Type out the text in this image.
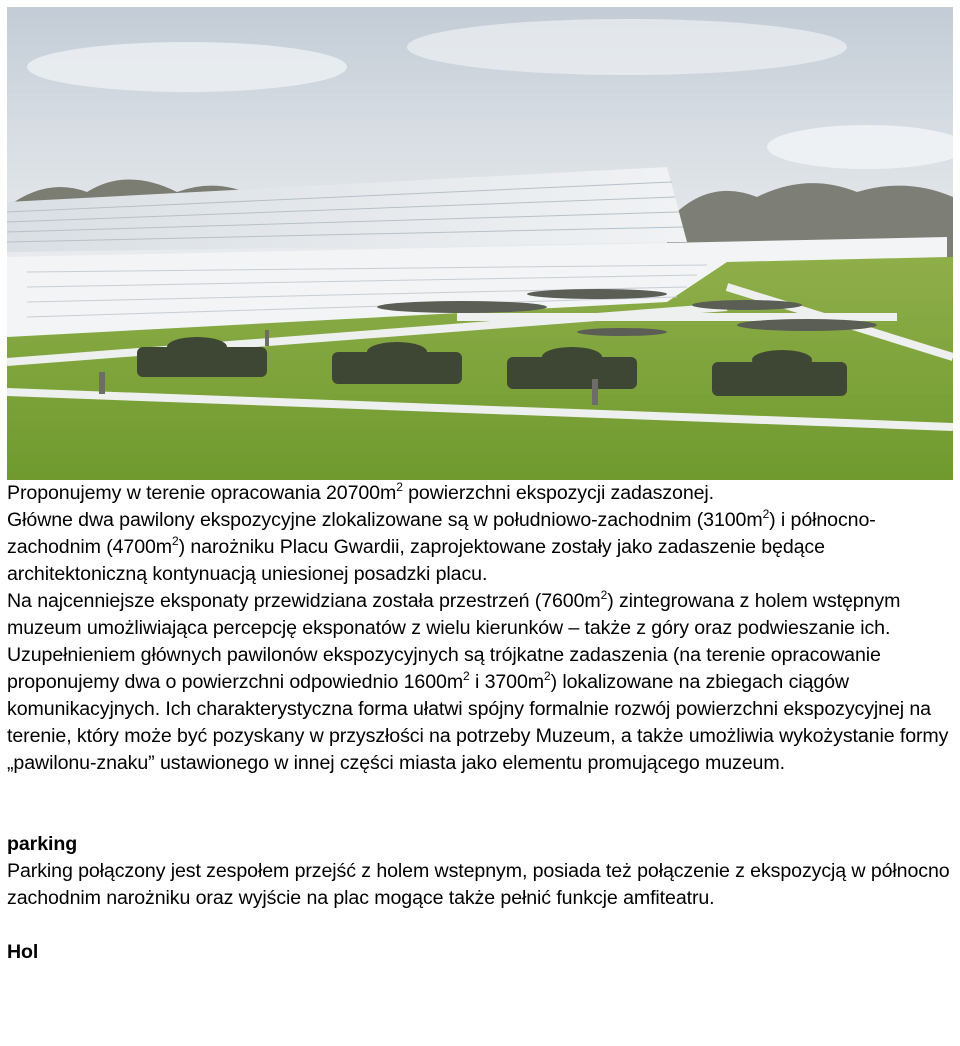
Proponujemy w terenie opracowania $20700m^2$ powierzchni ekspozycji zadaszonej.

Główne dwa pawilony ekspozycyjne zlokalizowane są w południowo-zachodnim $(3100m^2)$ i północno-zachodnim $(4700m^2)$ narożniku Placu Gwardii, zaprojektowane zostały jako zadaszenie będące architektoniczną kontynuacją uniesionej posadzki placu.

Na najcenniejsze eksponaty przewidziana została przestrzeń $(7600m^2)$ zintegrowana z holem wstępnym muzeum umożliwiająca percepcję eksponatów z wielu kierunków – także z góry oraz podwieszanie ich.

Uzupełnieniem głównych pawilonów ekspozycyjnych są trójkatne zadaszenia (na terenie opracowanie proponujemy dwa o powierzchni odpowiednio $1600m^2$ i $3700m^2$) lokalizowane na zbiegach ciągów komunikacyjnych. Ich charakterystyczna forma ułatwi spójny formalnie rozwój powierzchni ekspozycyjnej na terenie, który może być pozyskany w przyszłości na potrzeby Muzeum, a także umożliwia wykożystanie formy „pawilonu-znaku” ustawionego w innej części miasta jako elementu promującego muzeum.

parking

Parking połączony jest zespołem przejść z holem wstepnym, posiada też połączenie z ekspozycją w północno zachodnim narożniku oraz wyjście na plac mogące także pełnić funkcje amfiteatru.

Hol
